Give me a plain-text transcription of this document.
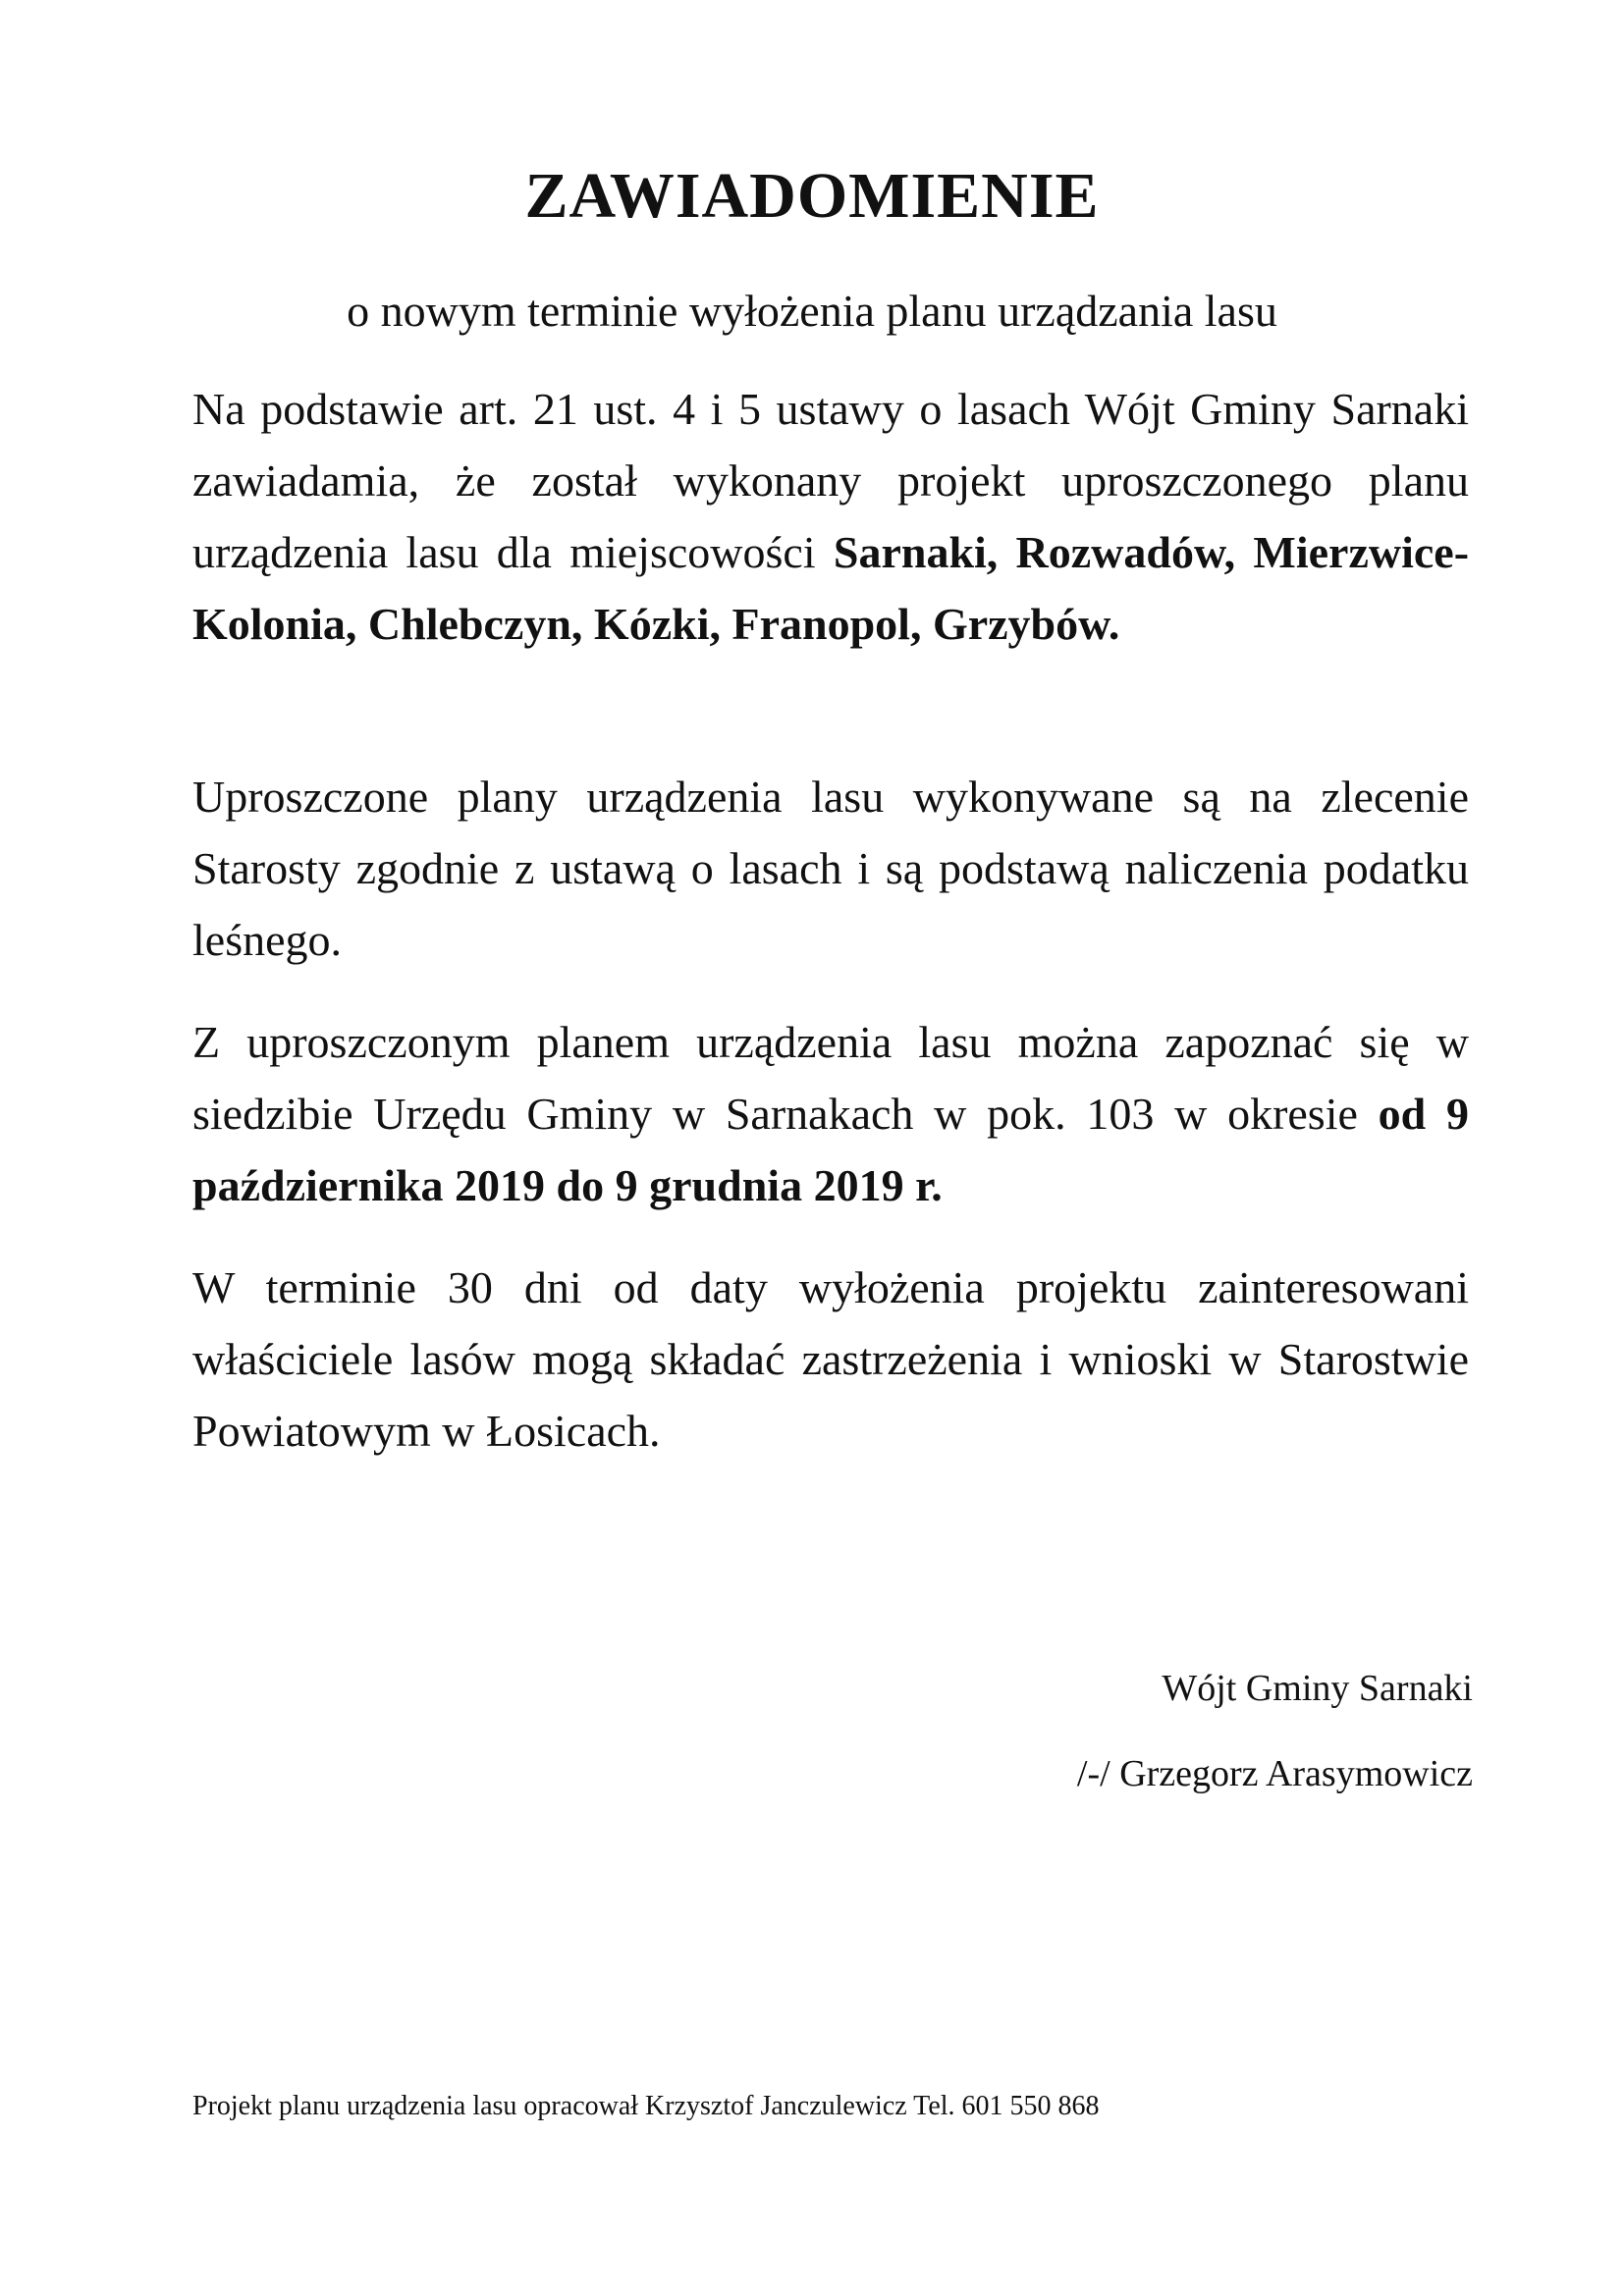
ZAWIADOMIENIE
o nowym terminie wyłożenia planu urządzania lasu
Na podstawie art. 21 ust. 4 i 5 ustawy o lasach Wójt Gminy Sarnaki zawiadamia, że został wykonany projekt uproszczonego planu urządzenia lasu dla miejscowości Sarnaki, Rozwadów, Mierzwice-Kolonia, Chlebczyn, Kózki, Franopol, Grzybów.
Uproszczone plany urządzenia lasu wykonywane są na zlecenie Starosty zgodnie z ustawą o lasach i są podstawą naliczenia podatku leśnego.
Z uproszczonym planem urządzenia lasu można zapoznać się w siedzibie Urzędu Gminy w Sarnakach w pok. 103 w okresie od 9 października 2019 do 9 grudnia 2019 r.
W terminie 30 dni od daty wyłożenia projektu zainteresowani właściciele lasów mogą składać zastrzeżenia i wnioski w Starostwie Powiatowym w Łosicach.
Wójt Gminy Sarnaki
/-/ Grzegorz Arasymowicz
Projekt planu urządzenia lasu opracował Krzysztof Janczulewicz Tel. 601 550 868
